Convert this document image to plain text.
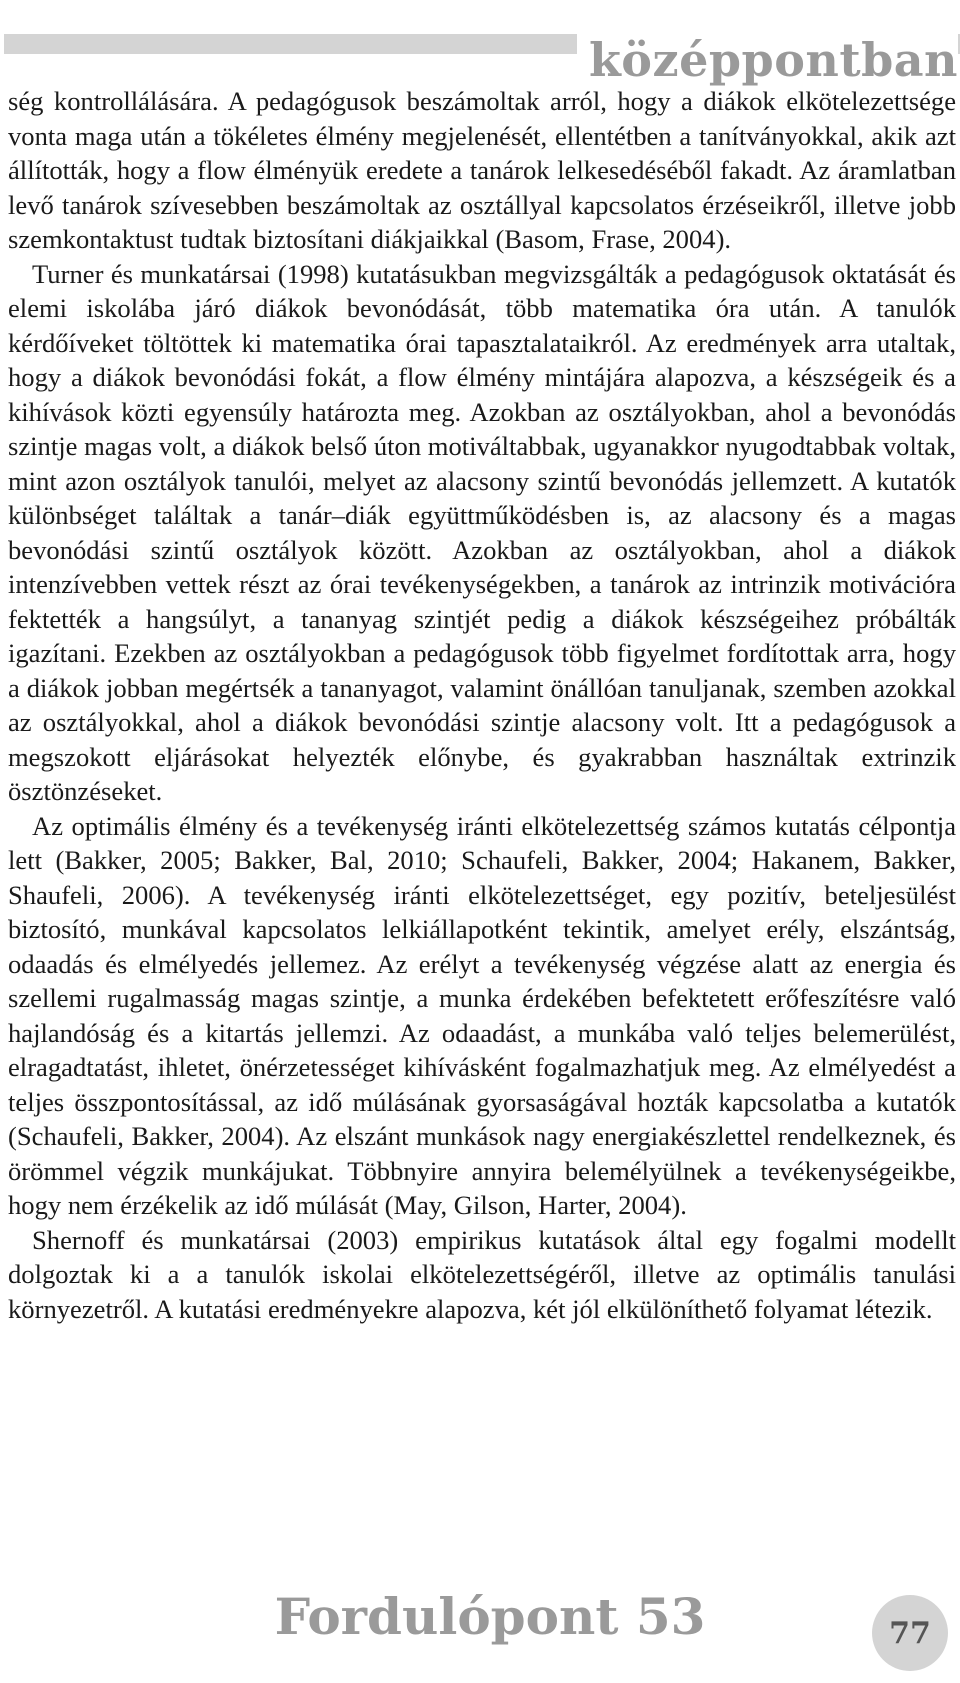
középpontban

ség kontrollálására. A pedagógusok beszámoltak arról, hogy a diákok elkötelezettsége vonta maga után a tökéletes élmény megjelenését, ellentétben a tanítványokkal, akik azt állították, hogy a flow élményük eredete a tanárok lelkesedéséből fakadt. Az áramlatban levő tanárok szívesebben beszámoltak az osztállyal kapcsolatos érzéseikről, illetve jobb szemkontaktust tudtak biztosítani diákjaikkal (Basom, Frase, 2004).

Turner és munkatársai (1998) kutatásukban megvizsgálták a pedagógusok oktatását és elemi iskolába járó diákok bevonódását, több matematika óra után. A tanulók kérdőíveket töltöttek ki matematika órai tapasztalataikról. Az eredmények arra utaltak, hogy a diákok bevonódási fokát, a flow élmény mintájára alapozva, a készségeik és a kihívások közti egyensúly határozta meg. Azokban az osztályokban, ahol a bevonódás szintje magas volt, a diákok belső úton motiváltabbak, ugyanakkor nyugodtabbak voltak, mint azon osztályok tanulói, melyet az alacsony szintű bevonódás jellemzett. A kutatók különbséget találtak a tanár–diák együttműködésben is, az alacsony és a magas bevonódási szintű osztályok között. Azokban az osztályokban, ahol a diákok intenzívebben vettek részt az órai tevékenységekben, a tanárok az intrinzik motivációra fektették a hangsúlyt, a tananyag szintjét pedig a diákok készségeihez próbálták igazítani. Ezekben az osztályokban a pedagógusok több figyelmet fordítottak arra, hogy a diákok jobban megértsék a tananyagot, valamint önállóan tanuljanak, szemben azokkal az osztályokkal, ahol a diákok bevonódási szintje alacsony volt. Itt a pedagógusok a megszokott eljárásokat helyezték előnybe, és gyakrabban használtak extrinzik ösztönzéseket.

Az optimális élmény és a tevékenység iránti elkötelezettség számos kutatás célpontja lett (Bakker, 2005; Bakker, Bal, 2010; Schaufeli, Bakker, 2004; Hakanem, Bakker, Shaufeli, 2006). A tevékenység iránti elkötelezettséget, egy pozitív, beteljesülést biztosító, munkával kapcsolatos lelkiállapotként tekintik, amelyet erély, elszántság, odaadás és elmélyedés jellemez. Az erélyt a tevékenység végzése alatt az energia és szellemi rugalmasság magas szintje, a munka érdekében befektetett erőfeszítésre való hajlandóság és a kitartás jellemzi. Az odaadást, a munkába való teljes belemerülést, elragadtatást, ihletet, önérzetességet kihívásként fogalmazhatjuk meg. Az elmélyedést a teljes összpontosítással, az idő múlásának gyorsaságával hozták kapcsolatba a kutatók (Schaufeli, Bakker, 2004). Az elszánt munkások nagy energiakészlettel rendelkeznek, és örömmel végzik munkájukat. Többnyire annyira belemélyülnek a tevékenységeikbe, hogy nem érzékelik az idő múlását (May, Gilson, Harter, 2004).

Shernoff és munkatársai (2003) empirikus kutatások által egy fogalmi modellt dolgoztak ki a a tanulók iskolai elkötelezettségéről, illetve az optimális tanulási környezetről. A kutatási eredményekre alapozva, két jól elkülöníthető folyamat létezik.

Fordulópont 53	77
